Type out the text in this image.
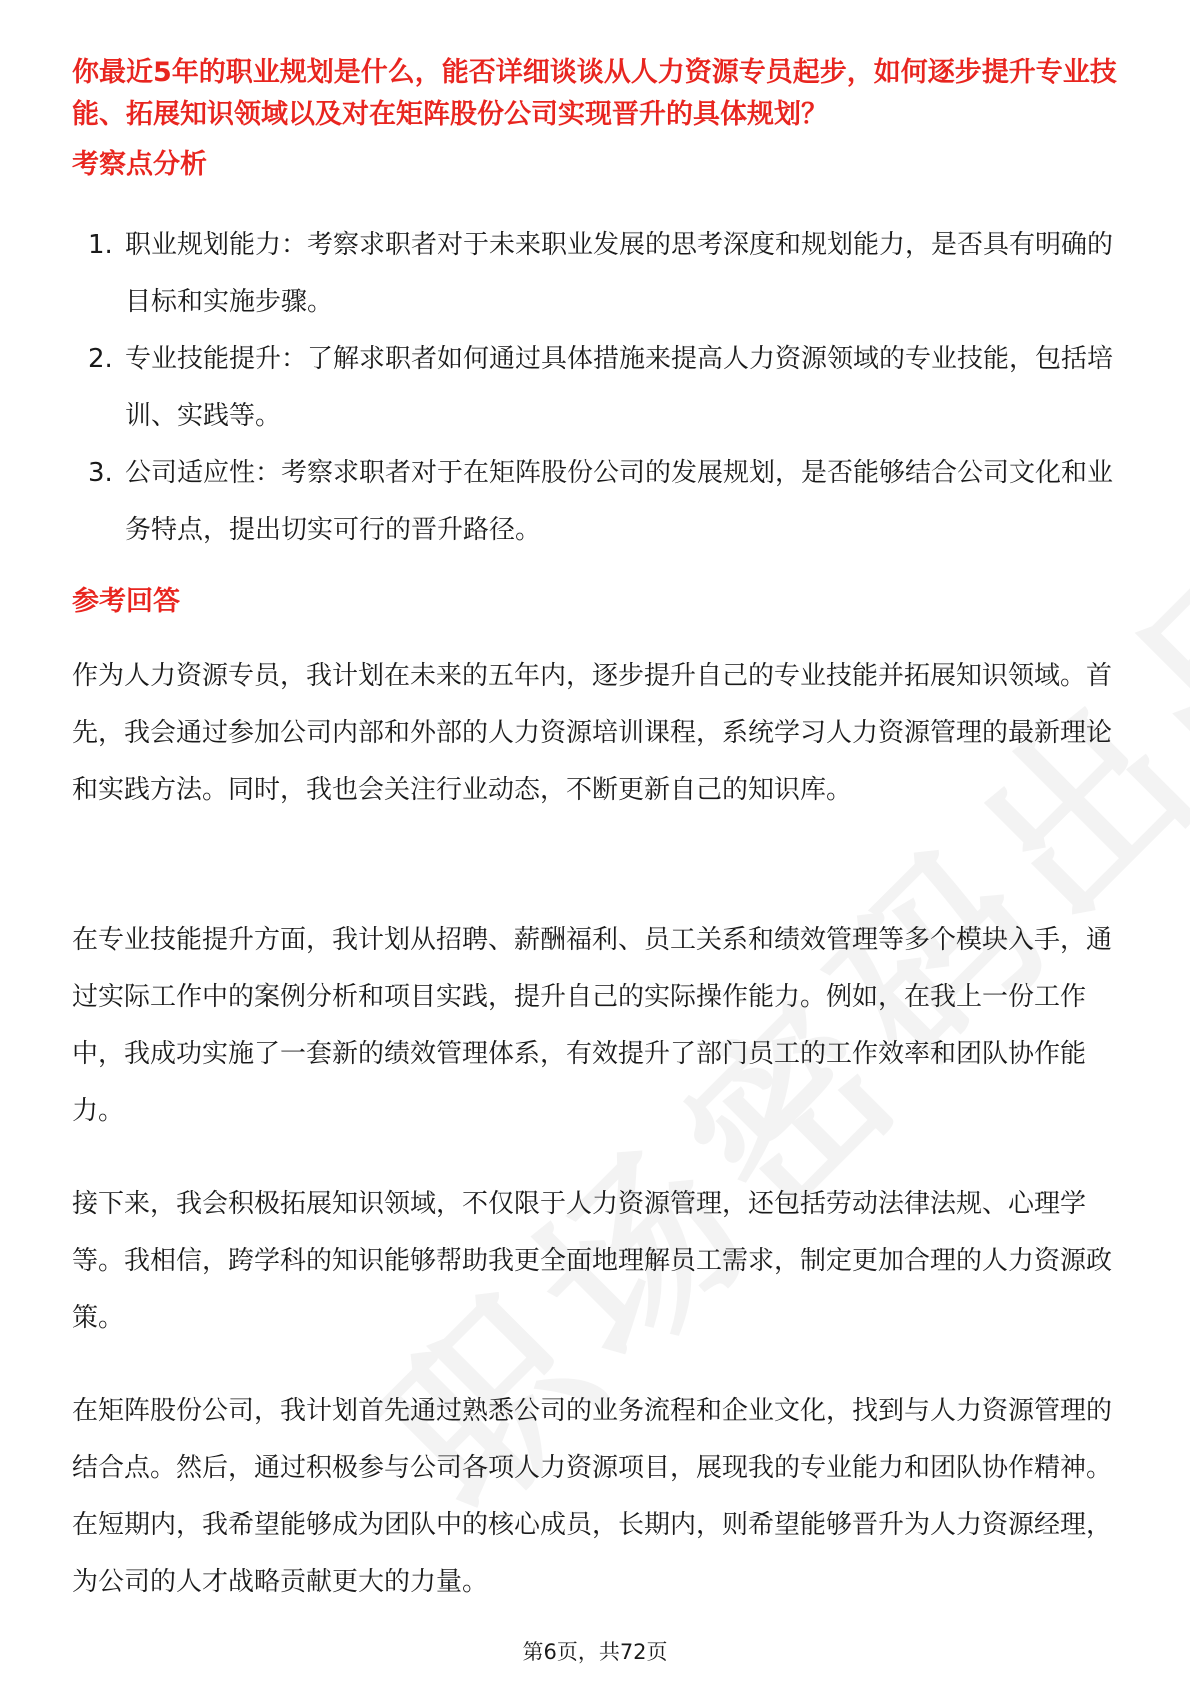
你最近5年的职业规划是什么，能否详细谈谈从人力资源专员起步，如何逐步提升专业技能、拓展知识领域以及对在矩阵股份公司实现晋升的具体规划？

考察点分析
1. 职业规划能力：考察求职者对于未来职业发展的思考深度和规划能力，是否具有明确的目标和实施步骤。
2. 专业技能提升：了解求职者如何通过具体措施来提高人力资源领域的专业技能，包括培训、实践等。
3. 公司适应性：考察求职者对于在矩阵股份公司的发展规划，是否能够结合公司文化和业务特点，提出切实可行的晋升路径。
参考回答

作为人力资源专员，我计划在未来的五年内，逐步提升自己的专业技能并拓展知识领域。首先，我会通过参加公司内部和外部的人力资源培训课程，系统学习人力资源管理的最新理论和实践方法。同时，我也会关注行业动态，不断更新自己的知识库。

在专业技能提升方面，我计划从招聘、薪酬福利、员工关系和绩效管理等多个模块入手，通过实际工作中的案例分析和项目实践，提升自己的实际操作能力。例如，在我上一份工作中，我成功实施了一套新的绩效管理体系，有效提升了部门员工的工作效率和团队协作能力。

接下来，我会积极拓展知识领域，不仅限于人力资源管理，还包括劳动法律法规、心理学等。我相信，跨学科的知识能够帮助我更全面地理解员工需求，制定更加合理的人力资源政策。

在矩阵股份公司，我计划首先通过熟悉公司的业务流程和企业文化，找到与人力资源管理的结合点。然后，通过积极参与公司各项人力资源项目，展现我的专业能力和团队协作精神。在短期内，我希望能够成为团队中的核心成员，长期内，则希望能够晋升为人力资源经理，为公司的人才战略贡献更大的力量。

第6页，共72页
